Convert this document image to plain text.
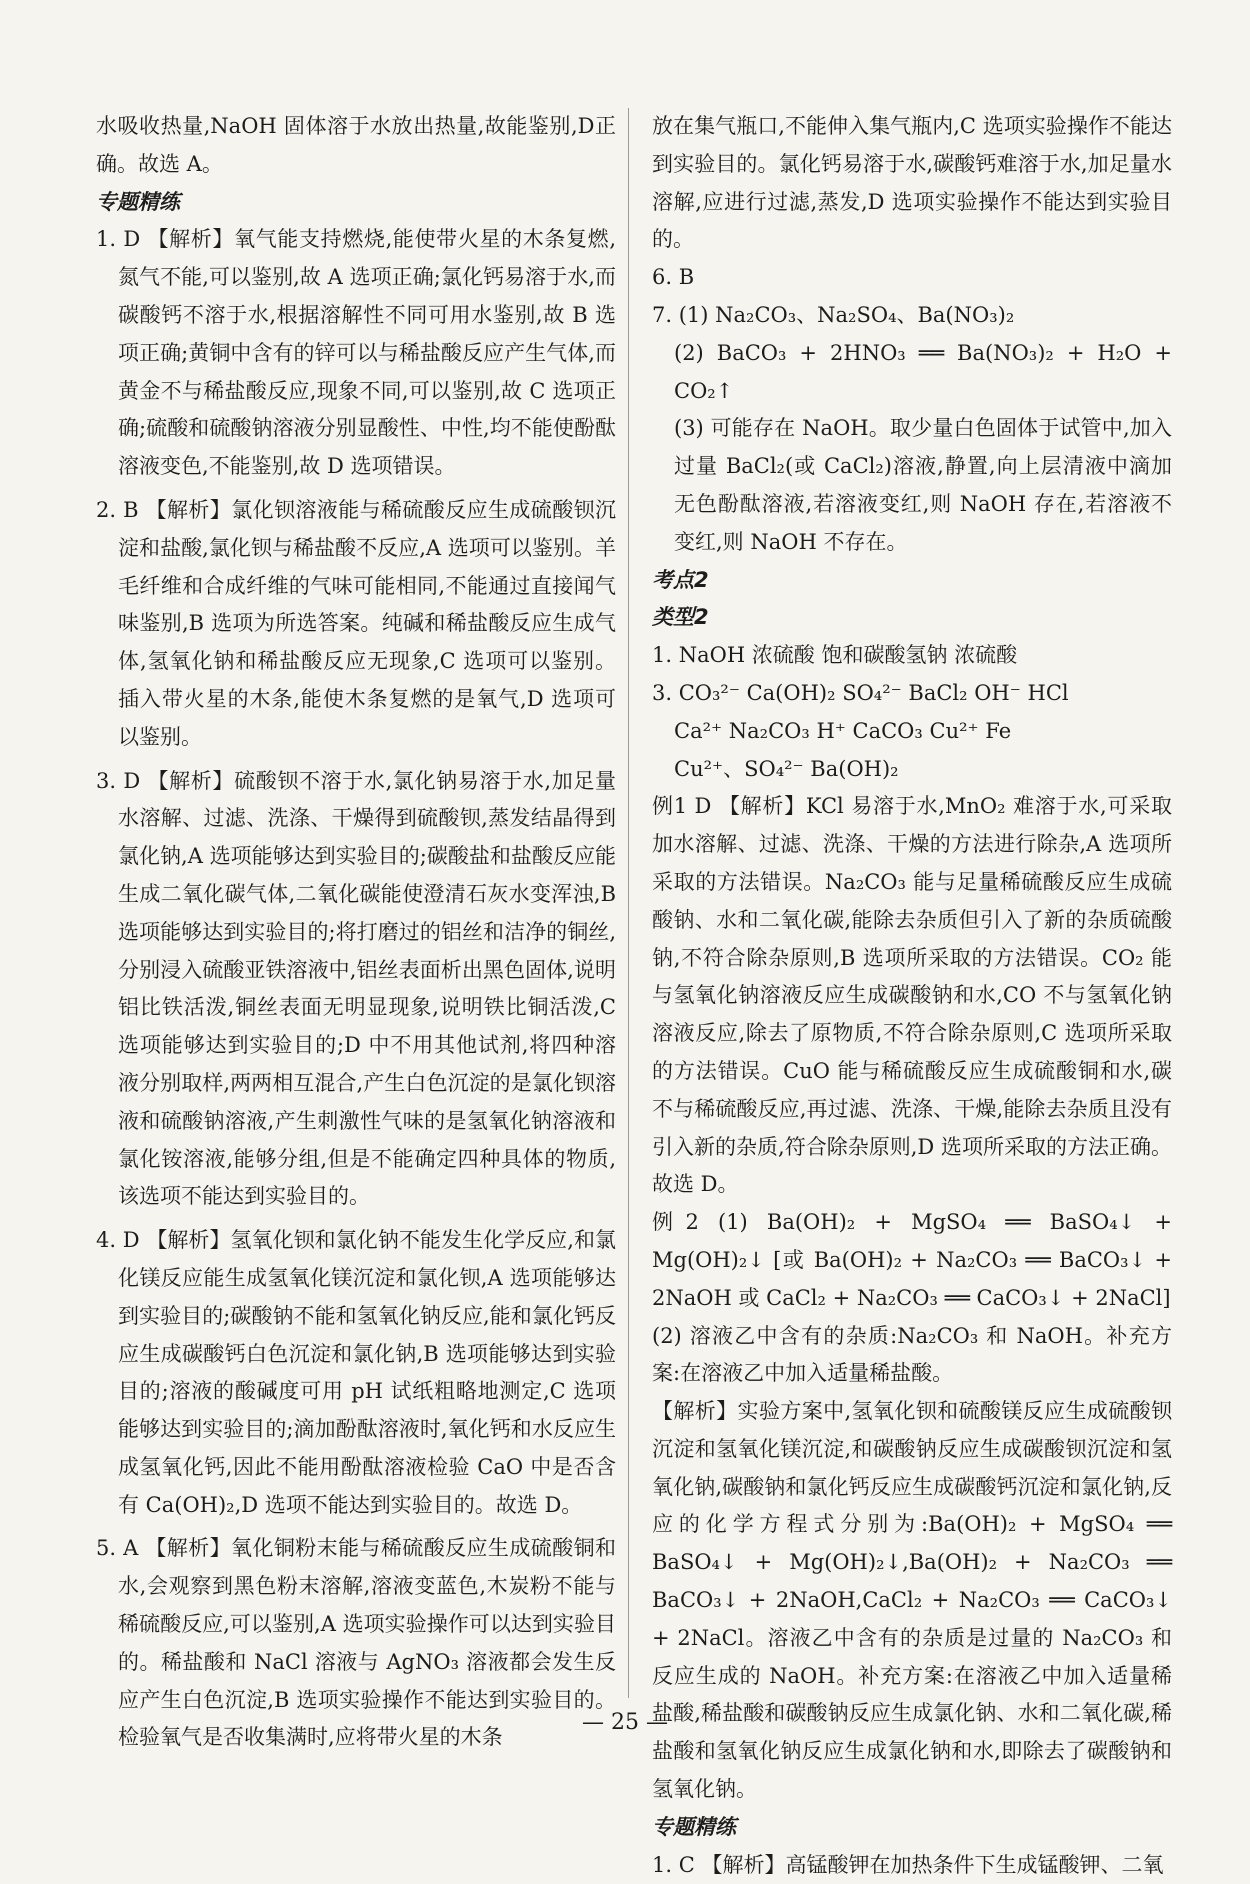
水吸收热量,NaOH 固体溶于水放出热量,故能鉴别,D正确。故选 A。

专题精练

1. D 【解析】氧气能支持燃烧,能使带火星的木条复燃,氮气不能,可以鉴别,故 A 选项正确;氯化钙易溶于水,而碳酸钙不溶于水,根据溶解性不同可用水鉴别,故 B 选项正确;黄铜中含有的锌可以与稀盐酸反应产生气体,而黄金不与稀盐酸反应,现象不同,可以鉴别,故 C 选项正确;硫酸和硫酸钠溶液分别显酸性、中性,均不能使酚酞溶液变色,不能鉴别,故 D 选项错误。

2. B 【解析】氯化钡溶液能与稀硫酸反应生成硫酸钡沉淀和盐酸,氯化钡与稀盐酸不反应,A 选项可以鉴别。羊毛纤维和合成纤维的气味可能相同,不能通过直接闻气味鉴别,B 选项为所选答案。纯碱和稀盐酸反应生成气体,氢氧化钠和稀盐酸反应无现象,C 选项可以鉴别。插入带火星的木条,能使木条复燃的是氧气,D 选项可以鉴别。

3. D 【解析】硫酸钡不溶于水,氯化钠易溶于水,加足量水溶解、过滤、洗涤、干燥得到硫酸钡,蒸发结晶得到氯化钠,A 选项能够达到实验目的;碳酸盐和盐酸反应能生成二氧化碳气体,二氧化碳能使澄清石灰水变浑浊,B 选项能够达到实验目的;将打磨过的铝丝和洁净的铜丝,分别浸入硫酸亚铁溶液中,铝丝表面析出黑色固体,说明铝比铁活泼,铜丝表面无明显现象,说明铁比铜活泼,C 选项能够达到实验目的;D 中不用其他试剂,将四种溶液分别取样,两两相互混合,产生白色沉淀的是氯化钡溶液和硫酸钠溶液,产生刺激性气味的是氢氧化钠溶液和氯化铵溶液,能够分组,但是不能确定四种具体的物质,该选项不能达到实验目的。

4. D 【解析】氢氧化钡和氯化钠不能发生化学反应,和氯化镁反应能生成氢氧化镁沉淀和氯化钡,A 选项能够达到实验目的;碳酸钠不能和氢氧化钠反应,能和氯化钙反应生成碳酸钙白色沉淀和氯化钠,B 选项能够达到实验目的;溶液的酸碱度可用 pH 试纸粗略地测定,C 选项能够达到实验目的;滴加酚酞溶液时,氧化钙和水反应生成氢氧化钙,因此不能用酚酞溶液检验 CaO 中是否含有 Ca(OH)₂,D 选项不能达到实验目的。故选 D。

5. A 【解析】氧化铜粉末能与稀硫酸反应生成硫酸铜和水,会观察到黑色粉末溶解,溶液变蓝色,木炭粉不能与稀硫酸反应,可以鉴别,A 选项实验操作可以达到实验目的。稀盐酸和 NaCl 溶液与 AgNO₃ 溶液都会发生反应产生白色沉淀,B 选项实验操作不能达到实验目的。检验氧气是否收集满时,应将带火星的木条

放在集气瓶口,不能伸入集气瓶内,C 选项实验操作不能达到实验目的。氯化钙易溶于水,碳酸钙难溶于水,加足量水溶解,应进行过滤,蒸发,D 选项实验操作不能达到实验目的。

6. B

7. (1) Na₂CO₃、Na₂SO₄、Ba(NO₃)₂

(2) BaCO₃ + 2HNO₃ ══ Ba(NO₃)₂ + H₂O + CO₂↑

(3) 可能存在 NaOH。取少量白色固体于试管中,加入过量 BaCl₂(或 CaCl₂)溶液,静置,向上层清液中滴加无色酚酞溶液,若溶液变红,则 NaOH 存在,若溶液不变红,则 NaOH 不存在。

考点2

类型2

1. NaOH 浓硫酸 饱和碳酸氢钠 浓硫酸

3. CO₃²⁻ Ca(OH)₂ SO₄²⁻ BaCl₂ OH⁻ HCl

Ca²⁺ Na₂CO₃ H⁺ CaCO₃ Cu²⁺ Fe

Cu²⁺、SO₄²⁻ Ba(OH)₂

例1 D 【解析】KCl 易溶于水,MnO₂ 难溶于水,可采取加水溶解、过滤、洗涤、干燥的方法进行除杂,A 选项所采取的方法错误。Na₂CO₃ 能与足量稀硫酸反应生成硫酸钠、水和二氧化碳,能除去杂质但引入了新的杂质硫酸钠,不符合除杂原则,B 选项所采取的方法错误。CO₂ 能与氢氧化钠溶液反应生成碳酸钠和水,CO 不与氢氧化钠溶液反应,除去了原物质,不符合除杂原则,C 选项所采取的方法错误。CuO 能与稀硫酸反应生成硫酸铜和水,碳不与稀硫酸反应,再过滤、洗涤、干燥,能除去杂质且没有引入新的杂质,符合除杂原则,D 选项所采取的方法正确。故选 D。

例2 (1) Ba(OH)₂ + MgSO₄ ══ BaSO₄↓ + Mg(OH)₂↓ [或 Ba(OH)₂ + Na₂CO₃ ══ BaCO₃↓ + 2NaOH 或 CaCl₂ + Na₂CO₃ ══ CaCO₃↓ + 2NaCl]

(2) 溶液乙中含有的杂质:Na₂CO₃ 和 NaOH。补充方案:在溶液乙中加入适量稀盐酸。

【解析】实验方案中,氢氧化钡和硫酸镁反应生成硫酸钡沉淀和氢氧化镁沉淀,和碳酸钠反应生成碳酸钡沉淀和氢氧化钠,碳酸钠和氯化钙反应生成碳酸钙沉淀和氯化钠,反应的化学方程式分别为:Ba(OH)₂ + MgSO₄ ══ BaSO₄↓ + Mg(OH)₂↓,Ba(OH)₂ + Na₂CO₃ ══ BaCO₃↓ + 2NaOH,CaCl₂ + Na₂CO₃ ══ CaCO₃↓ + 2NaCl。溶液乙中含有的杂质是过量的 Na₂CO₃ 和反应生成的 NaOH。补充方案:在溶液乙中加入适量稀盐酸,稀盐酸和碳酸钠反应生成氯化钠、水和二氧化碳,稀盐酸和氢氧化钠反应生成氯化钠和水,即除去了碳酸钠和氢氧化钠。

专题精练

1. C 【解析】高锰酸钾在加热条件下生成锰酸钾、二氧

— 25 —
